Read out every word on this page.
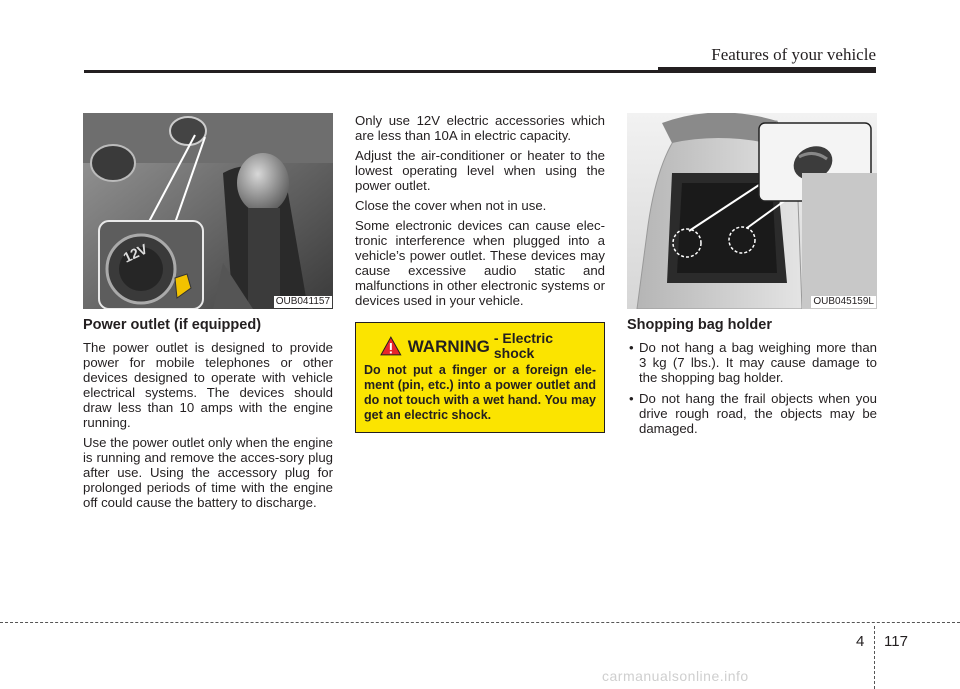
Features of your vehicle
12V
OUB041157
Power outlet (if equipped)

The power outlet is designed to provide power for mobile telephones or other devices designed to operate with vehicle electrical systems. The devices should draw less than 10 amps with the engine running.

Use the power outlet only when the engine is running and remove the acces-sory plug after use. Using the accessory plug for prolonged periods of time with the engine off could cause the battery to discharge.

Only use 12V electric accessories which are less than 10A in electric capacity.

Adjust the air-conditioner or heater to the lowest operating level when using the power outlet.

Close the cover when not in use.

Some electronic devices can cause elec-tronic interference when plugged into a vehicle’s power outlet. These devices may cause excessive audio static and malfunctions in other electronic systems or devices used in your vehicle.

WARNING - Electric shock
Do not put a finger or a foreign ele-ment (pin, etc.) into a power outlet and do not touch with a wet hand. You may get an electric shock.
OUB045159L
Shopping bag holder
• Do not hang a bag weighing more than 3 kg (7 lbs.). It may cause damage to the shopping bag holder.
• Do not hang the frail objects when you drive rough road, the objects may be damaged.
4 117
carmanualsonline.info
